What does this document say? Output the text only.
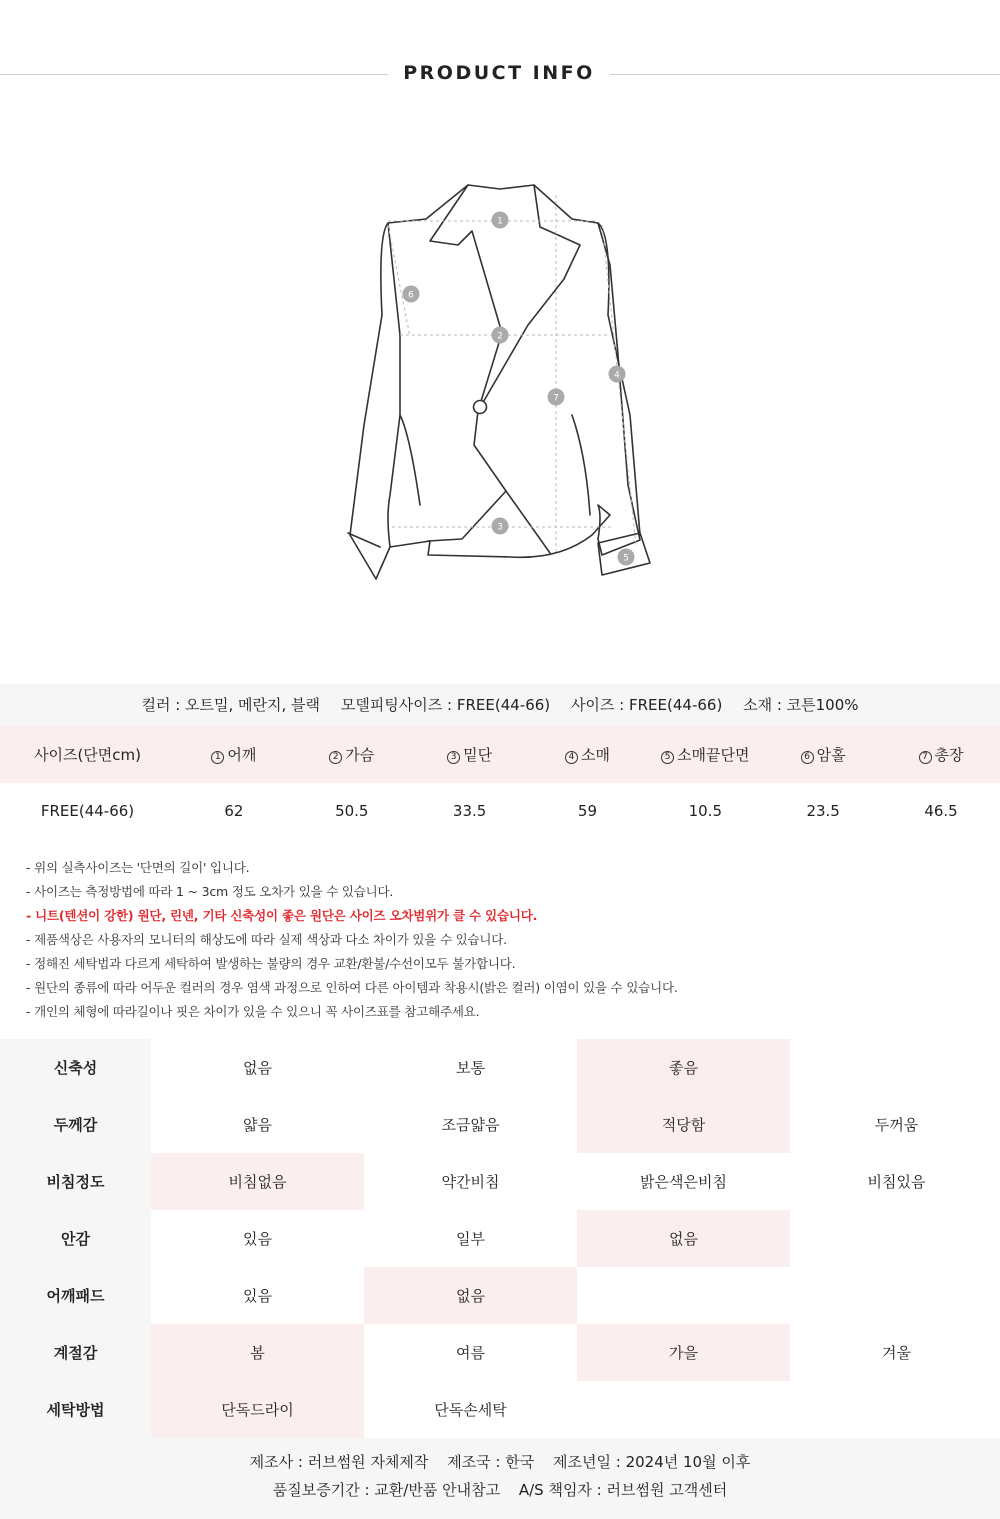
PRODUCT INFO
1
2
3
4
5
6
7
컬러 : 오트밀, 메란지, 블랙 모델피팅사이즈 : FREE(44-66) 사이즈 : FREE(44-66) 소재 : 코튼100%
사이즈(단면cm)	1 어깨	2 가슴	3 밑단	4 소매	5 소매끝단면	6 암홀	7 총장
FREE(44-66)	62	50.5	33.5	59	10.5	23.5	46.5
- 위의 실측사이즈는 '단면의 길이' 입니다.
- 사이즈는 측정방법에 따라 1 ~ 3cm 정도 오차가 있을 수 있습니다.
- 니트(텐션이 강한) 원단, 린넨, 기타 신축성이 좋은 원단은 사이즈 오차범위가 클 수 있습니다.
- 제품색상은 사용자의 모니터의 해상도에 따라 실제 색상과 다소 차이가 있을 수 있습니다.
- 정해진 세탁법과 다르게 세탁하여 발생하는 불량의 경우 교환/환불/수선이모두 불가합니다.
- 원단의 종류에 따라 어두운 컬러의 경우 염색 과정으로 인하여 다른 아이템과 착용시(밝은 컬러) 이염이 있을 수 있습니다.
- 개인의 체형에 따라길이나 핏은 차이가 있을 수 있으니 꼭 사이즈표를 참고해주세요.
신축성	없음	보통	좋음	
두께감	얇음	조금얇음	적당함	두꺼움
비침정도	비침없음	약간비침	밝은색은비침	비침있음
안감	있음	일부	없음	
어깨패드	있음	없음		
계절감	봄	여름	가을	겨울
세탁방법	단독드라이	단독손세탁		
제조사 : 러브썸원 자체제작 제조국 : 한국 제조년일 : 2024년 10월 이후
품질보증기간 : 교환/반품 안내참고 A/S 책임자 : 러브썸원 고객센터
